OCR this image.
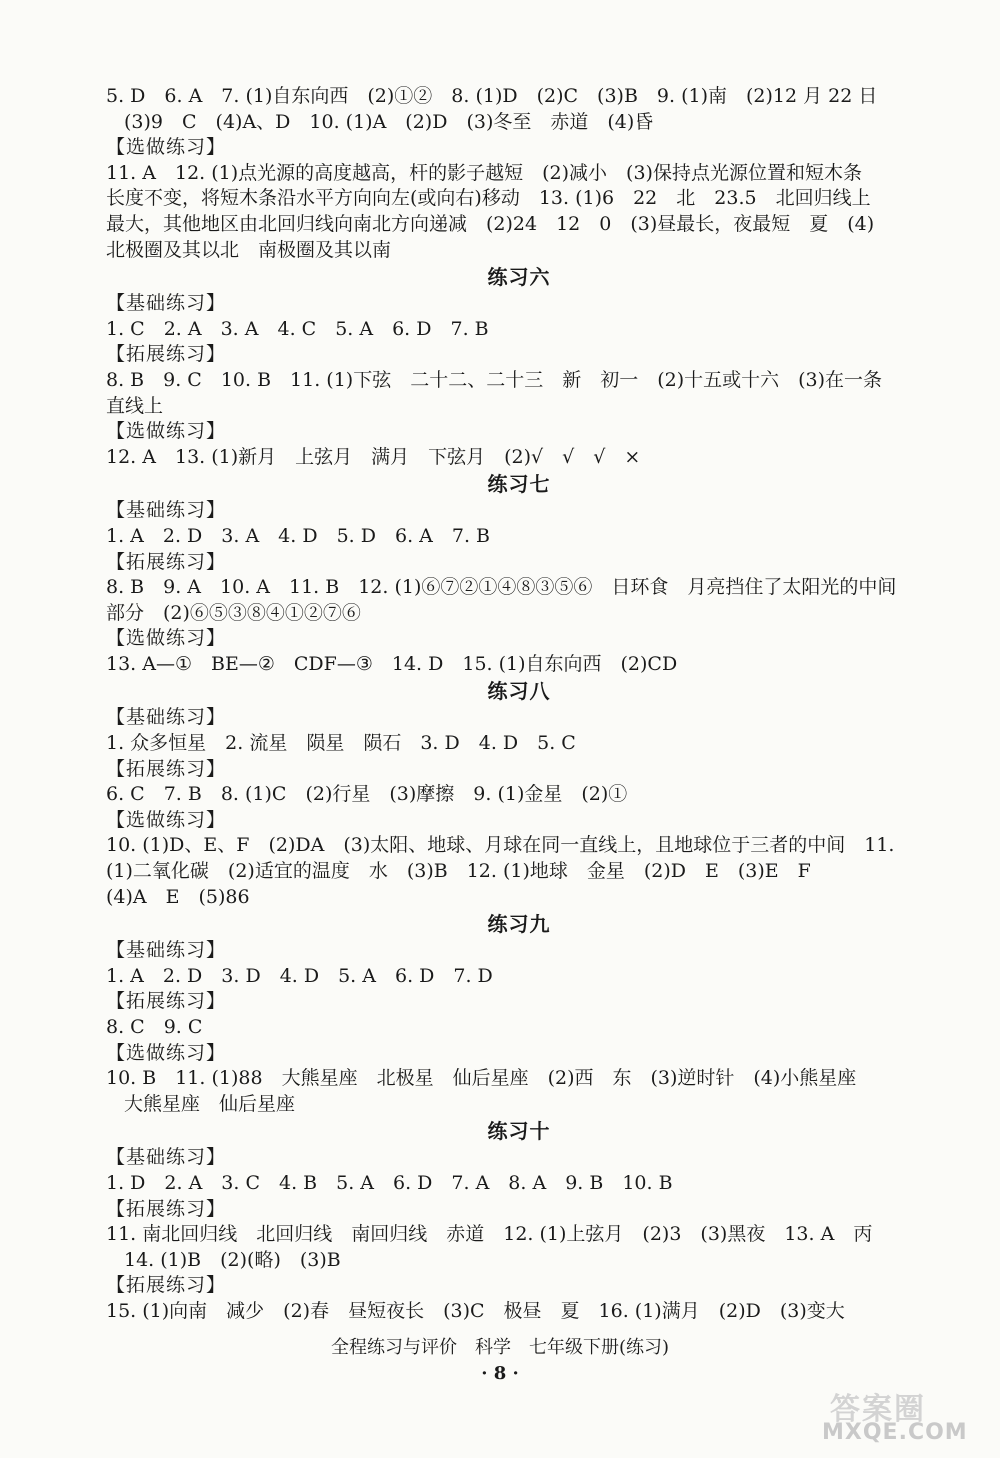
5. D　6. A　7. (1)自东向西　(2)①②　8. (1)D　(2)C　(3)B　9. (1)南　(2)12 月 22 日
(3)9　C　(4)A、D　10. (1)A　(2)D　(3)冬至　赤道　(4)昏
【选做练习】
11. A　12. (1)点光源的高度越高，杆的影子越短　(2)减小　(3)保持点光源位置和短木条
长度不变，将短木条沿水平方向向左(或向右)移动　13. (1)6　22　北　23.5　北回归线上
最大，其他地区由北回归线向南北方向递减　(2)24　12　0　(3)昼最长，夜最短　夏　(4)
北极圈及其以北　南极圈及其以南
练习六
【基础练习】
1. C　2. A　3. A　4. C　5. A　6. D　7. B
【拓展练习】
8. B　9. C　10. B　11. (1)下弦　二十二、二十三　新　初一　(2)十五或十六　(3)在一条
直线上
【选做练习】
12. A　13. (1)新月　上弦月　满月　下弦月　(2)√　√　√　×
练习七
【基础练习】
1. A　2. D　3. A　4. D　5. D　6. A　7. B
【拓展练习】
8. B　9. A　10. A　11. B　12. (1)⑥⑦②①④⑧③⑤⑥　日环食　月亮挡住了太阳光的中间
部分　(2)⑥⑤③⑧④①②⑦⑥
【选做练习】
13. A—①　BE—②　CDF—③　14. D　15. (1)自东向西　(2)CD
练习八
【基础练习】
1. 众多恒星　2. 流星　陨星　陨石　3. D　4. D　5. C
【拓展练习】
6. C　7. B　8. (1)C　(2)行星　(3)摩擦　9. (1)金星　(2)①
【选做练习】
10. (1)D、E、F　(2)DA　(3)太阳、地球、月球在同一直线上，且地球位于三者的中间　11.
(1)二氧化碳　(2)适宜的温度　水　(3)B　12. (1)地球　金星　(2)D　E　(3)E　F
(4)A　E　(5)86
练习九
【基础练习】
1. A　2. D　3. D　4. D　5. A　6. D　7. D
【拓展练习】
8. C　9. C
【选做练习】
10. B　11. (1)88　大熊星座　北极星　仙后星座　(2)西　东　(3)逆时针　(4)小熊星座
大熊星座　仙后星座
练习十
【基础练习】
1. D　2. A　3. C　4. B　5. A　6. D　7. A　8. A　9. B　10. B
【拓展练习】
11. 南北回归线　北回归线　南回归线　赤道　12. (1)上弦月　(2)3　(3)黑夜　13. A　丙
14. (1)B　(2)(略)　(3)B
【拓展练习】
15. (1)向南　减少　(2)春　昼短夜长　(3)C　极昼　夏　16. (1)满月　(2)D　(3)变大
全程练习与评价　科学　七年级下册(练习)
· 8 ·
答案圈
MXQE.COM
